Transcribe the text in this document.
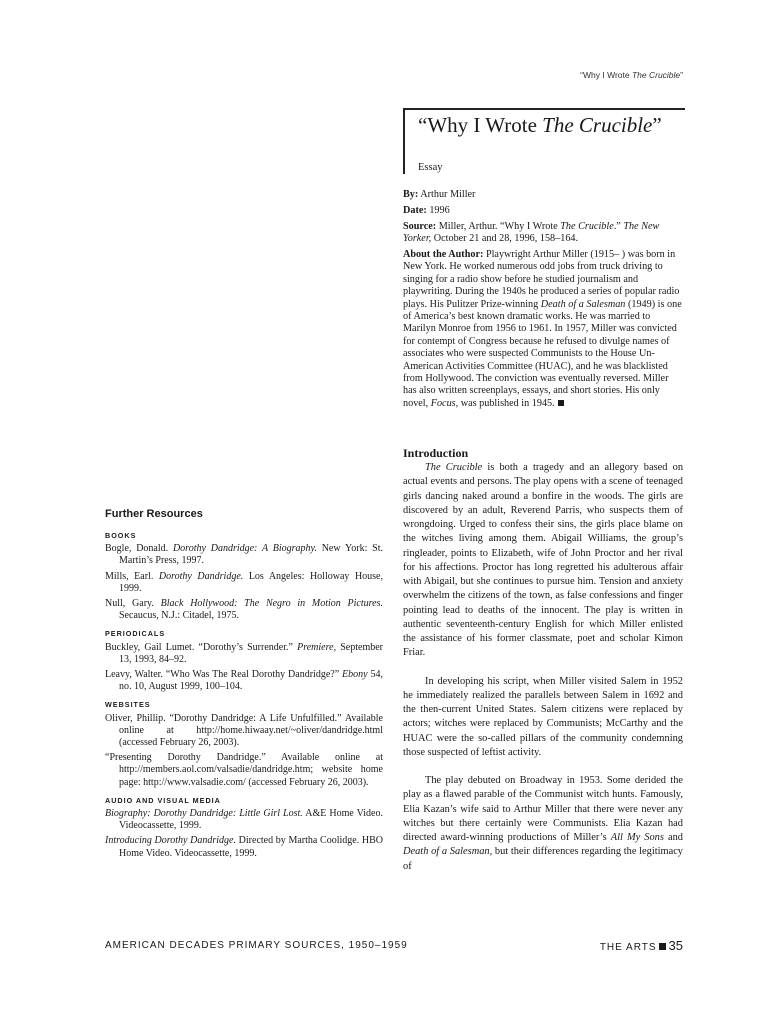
“Why I Wrote The Crucible”
“Why I Wrote The Crucible”
Essay
By: Arthur Miller
Date: 1996
Source: Miller, Arthur. “Why I Wrote The Crucible.” The New Yorker, October 21 and 28, 1996, 158–164.
About the Author: Playwright Arthur Miller (1915– ) was born in New York. He worked numerous odd jobs from truck driving to singing for a radio show before he studied journalism and playwriting. During the 1940s he produced a series of popular radio plays. His Pulitzer Prize-winning Death of a Salesman (1949) is one of America’s best known dramatic works. He was married to Marilyn Monroe from 1956 to 1961. In 1957, Miller was convicted for contempt of Congress because he refused to divulge names of associates who were suspected Communists to the House Un-American Activities Committee (HUAC), and he was blacklisted from Hollywood. The conviction was eventually reversed. Miller has also written screenplays, essays, and short stories. His only novel, Focus, was published in 1945.
Introduction

The Crucible is both a tragedy and an allegory based on actual events and persons. The play opens with a scene of teenaged girls dancing naked around a bonfire in the woods. The girls are discovered by an adult, Reverend Parris, who suspects them of wrongdoing. Urged to confess their sins, the girls place blame on the witches living among them. Abigail Williams, the group’s ringleader, points to Elizabeth, wife of John Proctor and her rival for his affections. Proctor has long regretted his adulterous affair with Abigail, but she continues to pursue him. Tension and anxiety overwhelm the citizens of the town, as false confessions and finger pointing lead to deaths of the innocent. The play is written in authentic seventeenth-century English for which Miller enlisted the assistance of his former classmate, poet and scholar Kimon Friar.

In developing his script, when Miller visited Salem in 1952 he immediately realized the parallels between Salem in 1692 and the then-current United States. Salem citizens were replaced by actors; witches were replaced by Communists; McCarthy and the HUAC were the so-called pillars of the community condemning those suspected of leftist activity.

The play debuted on Broadway in 1953. Some derided the play as a flawed parable of the Communist witch hunts. Famously, Elia Kazan’s wife said to Arthur Miller that there were never any witches but there certainly were Communists. Elia Kazan had directed award-winning productions of Miller’s All My Sons and Death of a Salesman, but their differences regarding the legitimacy of

Further Resources
BOOKS
Bogle, Donald. Dorothy Dandridge: A Biography. New York: St. Martin’s Press, 1997.
Mills, Earl. Dorothy Dandridge. Los Angeles: Holloway House, 1999.
Null, Gary. Black Hollywood: The Negro in Motion Pictures. Secaucus, N.J.: Citadel, 1975.
PERIODICALS
Buckley, Gail Lumet. “Dorothy’s Surrender.” Premiere, September 13, 1993, 84–92.
Leavy, Walter. “Who Was The Real Dorothy Dandridge?” Ebony 54, no. 10, August 1999, 100–104.
WEBSITES
Oliver, Phillip. “Dorothy Dandridge: A Life Unfulfilled.” Available online at http://home.hiwaay.net/~oliver/dandridge.html (accessed February 26, 2003).
“Presenting Dorothy Dandridge.” Available online at http://members.aol.com/valsadie/dandridge.htm; website home page: http://www.valsadie.com/ (accessed February 26, 2003).
AUDIO AND VISUAL MEDIA
Biography: Dorothy Dandridge: Little Girl Lost. A&E Home Video. Videocassette, 1999.
Introducing Dorothy Dandridge. Directed by Martha Coolidge. HBO Home Video. Videocassette, 1999.
AMERICAN DECADES PRIMARY SOURCES, 1950–1959	THE ARTS 35
